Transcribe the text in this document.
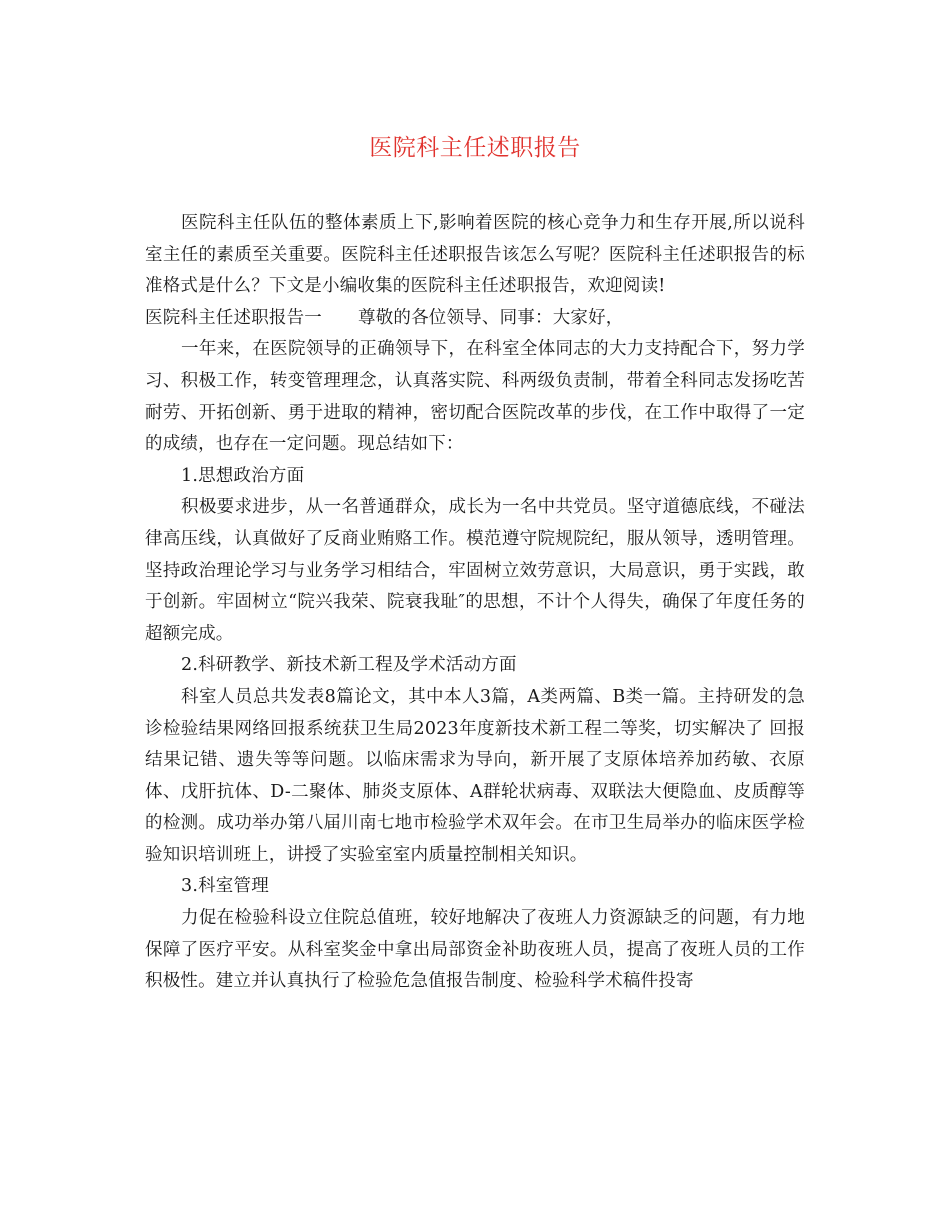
医院科主任述职报告

医院科主任队伍的整体素质上下,影响着医院的核心竞争力和生存开展,所以说科室主任的素质至关重要。医院科主任述职报告该怎么写呢？医院科主任述职报告的标准格式是什么？下文是小编收集的医院科主任述职报告，欢迎阅读!

医院科主任述职报告一 尊敬的各位领导、同事：大家好，

一年来，在医院领导的正确领导下，在科室全体同志的大力支持配合下，努力学习、积极工作，转变管理理念，认真落实院、科两级负责制，带着全科同志发扬吃苦耐劳、开拓创新、勇于进取的精神，密切配合医院改革的步伐，在工作中取得了一定的成绩，也存在一定问题。现总结如下：

1.思想政治方面

积极要求进步，从一名普通群众，成长为一名中共党员。坚守道德底线，不碰法律高压线，认真做好了反商业贿赂工作。模范遵守院规院纪，服从领导，透明管理。坚持政治理论学习与业务学习相结合，牢固树立效劳意识，大局意识，勇于实践，敢于创新。牢固树立“院兴我荣、院衰我耻″的思想，不计个人得失，确保了年度任务的超额完成。

2.科研教学、新技术新工程及学术活动方面

科室人员总共发表8篇论文，其中本人3篇，A类两篇、B类一篇。主持研发的急诊检验结果网络回报系统获卫生局2023年度新技术新工程二等奖，切实解决了 回报结果记错、遗失等等问题。以临床需求为导向，新开展了支原体培养加药敏、衣原体、戊肝抗体、D-二聚体、肺炎支原体、A群轮状病毒、双联法大便隐血、皮质醇等的检测。成功举办第八届川南七地市检验学术双年会。在市卫生局举办的临床医学检验知识培训班上，讲授了实验室室内质量控制相关知识。

3.科室管理

力促在检验科设立住院总值班，较好地解决了夜班人力资源缺乏的问题，有力地保障了医疗平安。从科室奖金中拿出局部资金补助夜班人员，提高了夜班人员的工作积极性。建立并认真执行了检验危急值报告制度、检验科学术稿件投寄
